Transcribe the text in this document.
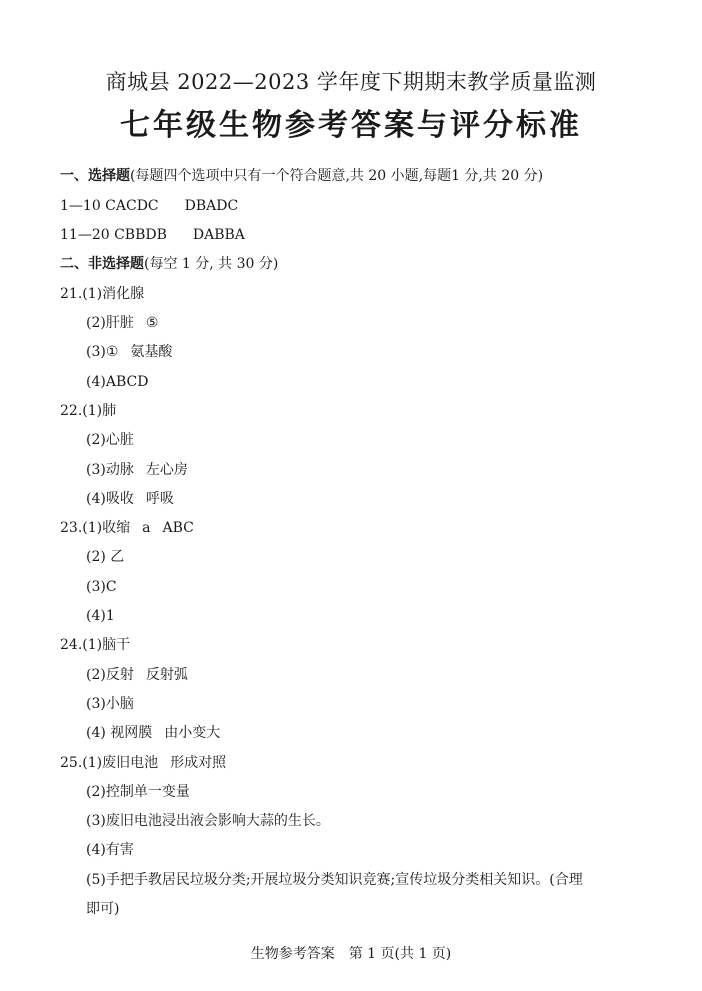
商城县 2022—2023 学年度下期期末教学质量监测
七年级生物参考答案与评分标准
一、选择题(每题四个选项中只有一个符合题意,共 20 小题,每题1 分,共 20 分)
1—10 CACDC DBADC
11—20 CBBDB DABBA
二、非选择题(每空 1 分, 共 30 分)
21.(1)消化腺
(2)肝脏 ⑤
(3)① 氨基酸
(4)ABCD
22.(1)肺
(2)心脏
(3)动脉 左心房
(4)吸收 呼吸
23.(1)收缩 a ABC
(2) 乙
(3)C
(4)1
24.(1)脑干
(2)反射 反射弧
(3)小脑
(4) 视网膜 由小变大
25.(1)废旧电池 形成对照
(2)控制单一变量
(3)废旧电池浸出液会影响大蒜的生长。
(4)有害
(5)手把手教居民垃圾分类;开展垃圾分类知识竞赛;宣传垃圾分类相关知识。(合理
即可)
生物参考答案　第 1 页(共 1 页)
